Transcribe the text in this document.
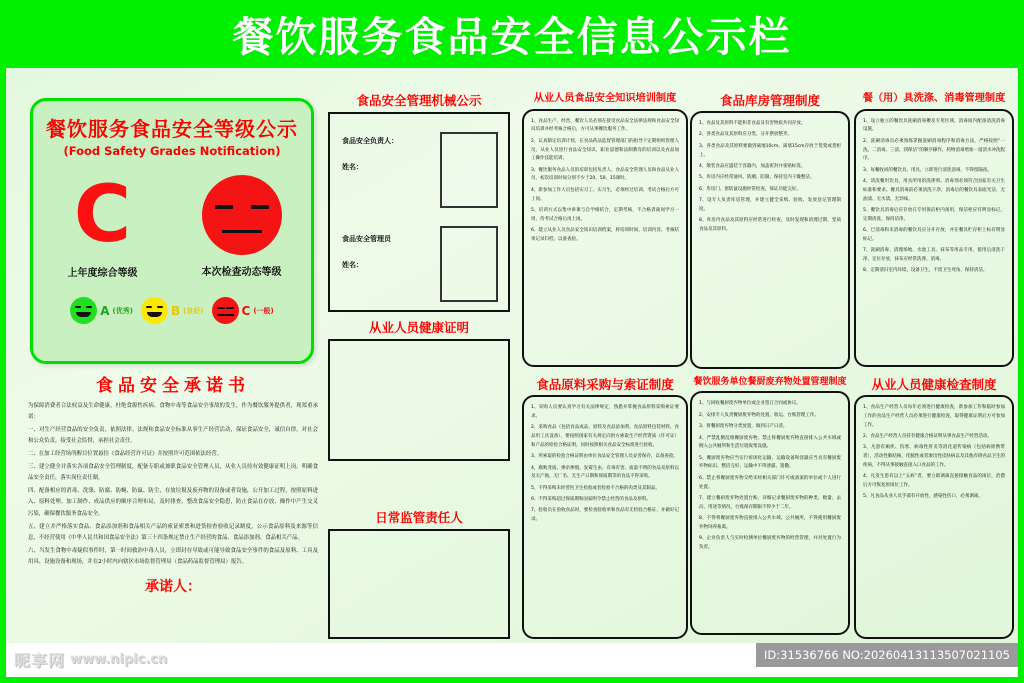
餐饮服务食品安全信息公示栏
餐饮服务食品安全等级公示
(Food Safety Grades Notification)
C
上年度综合等级	本次检查动态等级
A (优秀)	B (良好)	C (一般)
食品安全承诺书

为保障消费者合法权益及生命健康，杜绝食源性疾病、食物中毒等食品安全事故的发生，作为餐饮服务提供者，现郑重承诺：

一、对生产经营食品的安全负责，依照法律、法规和食品安全标准从事生产经营活动，保证食品安全，诚信自律，对社会和公众负责，接受社会监督，承担社会责任。

二、在加工经营场所醒目位置悬挂《食品经营许可证》并按照许可范围依法经营。

三、建立健全并落实各项食品安全管理制度，配备专职或兼职食品安全管理人员，从业人员持有效健康证明上岗，明确食品安全责任，落实岗位责任制。

四、配备相应的消毒、洗涤、防腐、防蝇、防鼠、防尘，存放垃圾及废弃物的设备或者设施，公开加工过程，按照原料进入、原料处理、加工制作、成品供应的顺序合理布局，及时排查、整改食品安全隐患，防止食品在存放、操作中产生交叉污染，确保餐饮服务食品安全。

五、建立并严格落实食品、食品添加剂和食品相关产品的索证索票和进货检查验收记录制度，公示食品原料及来源等信息，不经营使用《中华人民共和国食品安全法》第三十四条规定禁止生产经营的食品、食品添加剂、食品相关产品。

六、当发生食物中毒疑似事件时，第一时间救治中毒人员，立即封存导致或可能导致食品安全事件的食品及原料、工具及用具、设施设备和现场，并在2小时内向辖区市场监督管理局（食品药品监督管理局）报告。

承诺人：
食品安全管理机械公示
食品安全负责人：
姓名：
食品安全管理员
姓名：
从业人员健康证明
日常监管责任人
从业人员食品安全知识培训制度

1、食品生产、经营、餐饮人员必须在接受食品安全法律法规和食品安全知识培训并经考核合格后，方可从事餐饮服务工作。

2、认真制定培训计划，在食品药品监督管理部门的指导下定期组织管理人员、从业人员进行食品安全知识、职业道德和法制教育的培训以及食品加工操作技能培训。

3、餐饮服务食品人员的培训包括负责人、食品安全管理人员和食品从业人员，初次培训时间分别不少于20、50、15课时。

4、新参加工作人员包括实习工、实习生，必须经过培训、考试合格后方可上岗。

5、培训方式以集中讲课与自学相结合，定期考核，不合格者离岗学习一周，待考试合格后再上岗。

6、建立从业人员食品安全知识培训档案，将培训时间、培训内容、考核结果记录归档，以备查验。

食品库房管理制度

1、食品及其原料不能和非食品及有害物质共同存放。

2、各类食品及其原料应分类、分开摆放整齐。

3、各类食品及其原料要做到离地10cm、离墙15cm存放于货架或货柜上。

4、散装食品应盛装于容器内，加盖密封并张贴标签。

5、库房内应经常通风、防潮、防腐、保持室内干燥整洁。

6、库房门、窗防鼠设施经常检查，保证功能完好。

7、设专人负责库房管理，并建立健全采购、验收、发放登记管理制度。

8、库房内食品及其原料应经常进行检查，及时发现和清理过期、变质食品及其原料。

餐（用）具洗涤、消毒管理制度

1、设立独立的餐饮具洗刷消毒槽及专用区域，消毒间内配备清洗消毒设施。

2、洗刷消毒员必须熟练掌握洗刷消毒程序和消毒方法，严格按照“一洗、二消毒、三清、四保洁”的顺序操作，药物消毒增加一道清水冲洗程序。

3、每餐收回的餐饮具、用具，立即进行清洗消毒，不得留隔夜。

4、清洗餐用饮具、用具所用的洗涤剂、消毒剂必须符合国家有关卫生标准和要求。餐具消毒前必须清洗干净，消毒后的餐饮具表面光洁、无油渍、无水渍、无异味。

5、餐饮具消毒后应存放在专用保洁柜内备用，保洁柜应有明显标记，定期清洗、保持洁净。

6、已消毒和未消毒的餐饮具应分开存放，并在餐具贮存柜上标有明显标记。

7、洗刷消毒、清理场地、水池工具、抹布等用品专用，使用后清洗干净、定位存放，抹布应经常洗涤、消毒。

8、定期清扫室内环境、设备卫生，不留卫生死角，保持清洁。

食品原料采购与索证制度

1、采购人员要认真学习有关法律规定，熟悉并掌握食品原料采购索证要求。

2、采购食品（包括食品成品、原料及食品添加剂、食品原料包装材料、食品用工具设备），要按照国家有关规定向供方索取生产经营资质（许可证）和产品的检验合格证明，同时按照相关食品安全标准进行验收。

3、所索取的检验合格证明由单位食品安全管理人员妥善保存，以备查验。

4、腐败变质、掺杂掺假、发霉生虫、有毒有害、质量不明的食品及原料以及无产地、无厂名、无生产日期和保质期等的食品不得采购。

5、不得采购未经兽医卫生检验或者检验不合格的肉类及其制品。

6、不得采购超过保质期和国家明令禁止经营的食品及原料。

7、验收员在验收食品时，要检查验收单和食品有无检验合格证，并做好记录。

餐饮服务单位餐厨废弃物处置管理制度

1、与回收餐厨废弃物单位或企业签订合同或协议。

2、安排专人负责餐厨废弃物的处置、收运、台账管理工作。

3、将餐厨废弃物分类放置，做到日产日清。

4、严禁乱倒乱堆餐厨废弃物，禁止将餐厨废弃物直接排入公共水域或倒入公共厕所和生活垃圾收集设施。

5、餐厨废弃物应当实行密闭化运输，运输设备和容器应当具有餐厨废弃物标识、整洁完好、运输中不得泄露、遗撒。

6、禁止将餐厨废弃物交给未经相关部门许可或备案的单位或个人进行处置。

7、建立餐厨废弃物处置台账，详细记录餐厨废弃物的种类、数量、去向、用途等情况，台账保存期限不得少于二年。

8、不得将餐厨废弃物直接排入公共水域、公共厕所，不得使用餐厨废弃物饲养畜禽。

9、企业负责人与实时检测单位餐厨废弃物的经营管理，并对处置行为负责。

从业人员健康检查制度

1、食品生产经营人员每年必须进行健康检查，新参加工作和临时参加工作的食品生产经营人员必须进行健康检查，取得健康证明后方可参加工作。

2、食品生产经营人员持有健康合格证明从事食品生产经营活动。

3、凡患有痢疾、伤寒、病毒性肝炎等消化道传染病（包括病原携带者），活动性肺结核，化脓性或者渗出性皮肤病以及其他有碍食品卫生的疾病，不得从事接触直接入口食品的工作。

4、凡发生患有以上“五病”者，要立即调离直接接触食品的岗位，治愈后方可恢复原岗位工作。

5、凡食品从业人员手部有开放性、感染性伤口，必须调离。

昵享网 www.nipic.cn	ID:31536766 NO:20260413113507021105
